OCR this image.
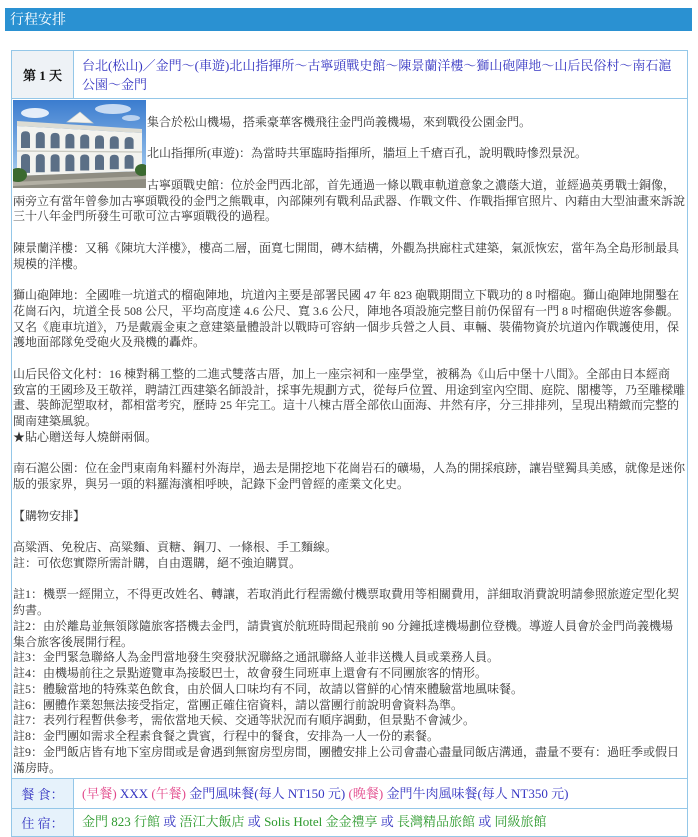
行程安排
第 1 天
台北(松山)／金門～(車遊)北山指揮所～古寧頭戰史館～陳景蘭洋樓～獅山砲陣地～山后民俗村～南石滬公園～金門
集合於松山機場，搭乘豪華客機飛往金門尚義機場，來到戰役公園金門。
北山指揮所(車遊)：為當時共軍臨時指揮所，牆垣上千瘡百孔，說明戰時慘烈景況。
古寧頭戰史館：位於金門西北部，首先通過一條以戰車軌道意象之濃蔭大道，並經過英勇戰士銅像，
兩旁立有當年曾參加古寧頭戰役的金門之熊戰車，內部陳列有戰利品武器、作戰文件、作戰指揮官照片、內藉由大型油畫來訴說
三十八年金門所發生可歌可泣古寧頭戰役的過程。
陳景蘭洋樓：又稱《陳坑大洋樓》，樓高二層，面寬七開間，磚木結構，外觀為拱廊柱式建築，氣派恢宏，當年為全島形制最具
規模的洋樓。
獅山砲陣地：全國唯一坑道式的榴砲陣地，坑道內主要是部署民國 47 年 823 砲戰期間立下戰功的 8 吋榴砲。獅山砲陣地開鑿在
花崗石內，坑道全長 508 公尺，平均高度達 4.6 公尺、寬 3.6 公尺，陣地各項設施完整目前仍保留有一門 8 吋榴砲供遊客參觀。
又名《鹿車坑道》，乃是戴震金東之意建築量體設計以戰時可容納一個步兵營之人員、車輛、裝備物資於坑道內作戰護使用，保
護地面部隊免受砲火及飛機的轟炸。
山后民俗文化村：16 棟對稱工整的二進式雙落古厝，加上一座宗祠和一座學堂，被稱為《山后中堡十八間》。全部由日本經商
致富的王國珍及王敬祥，聘請江西建築名師設計，採事先規劃方式，從每戶位置、用途到室內空間、庭院、閣樓等，乃至雕樑雕
畫、裝飾泥塑取材，都相當考究，歷時 25 年完工。這十八棟古厝全部依山面海、井然有序，分三排排列，呈現出精緻而完整的
閩南建築風貌。
★貼心贈送每人燒餅兩個。
南石滬公園：位在金門東南角料羅村外海岸，過去是開挖地下花崗岩石的礦場，人為的開採痕跡，讓岩壁獨具美感，就像是迷你
版的張家界，與另一頭的料羅海濱相呼映，記錄下金門曾經的產業文化史。
【購物安排】
高粱酒、免稅店、高粱麵、貢糖、鋼刀、一條根、手工麵線。
註：可依您實際所需計購，自由選購，絕不強迫購買。
註1：機票一經開立，不得更改姓名、轉讓，若取消此行程需繳付機票取費用等相關費用，詳細取消費說明請參照旅遊定型化契
約書。
註2：由於離島並無領隊隨旅客搭機去金門，請貴賓於航班時間起飛前 90 分鐘抵達機場劃位登機。導遊人員會於金門尚義機場
集合旅客後展開行程。
註3：金門緊急聯絡人為金門當地發生突發狀況聯絡之通訊聯絡人並非送機人員或業務人員。
註4：由機場前往之景點遊覽車為接駁巴士，故會發生同班車上還會有不同團旅客的情形。
註5：體驗當地的特殊菜色飲食，由於個人口味均有不同，故請以嘗鮮的心情來體驗當地風味餐。
註6：團體作業恕無法接受指定，當團正確住宿資料，請以當團行前說明會資料為準。
註7：表列行程暫供參考，需依當地天候、交通等狀況而有順序調動，但景點不會減少。
註8：金門團如需求全程素食餐之貴賓，行程中的餐食，安排為一人一份的素餐。
註9：金門飯店皆有地下室房間或是會遇到無窗房型房間，團體安排上公司會盡心盡量同飯店溝通，盡量不要有：過旺季或假日
滿房時。
餐 食：	(早餐) XXX (午餐) 金門風味餐(每人 NT150 元) (晚餐) 金門牛肉風味餐(每人 NT350 元)
住 宿：	金門 823 行館 或 浯江大飯店 或 Solis Hotel 金金禮享 或 長灣精品旅館 或 同級旅館
